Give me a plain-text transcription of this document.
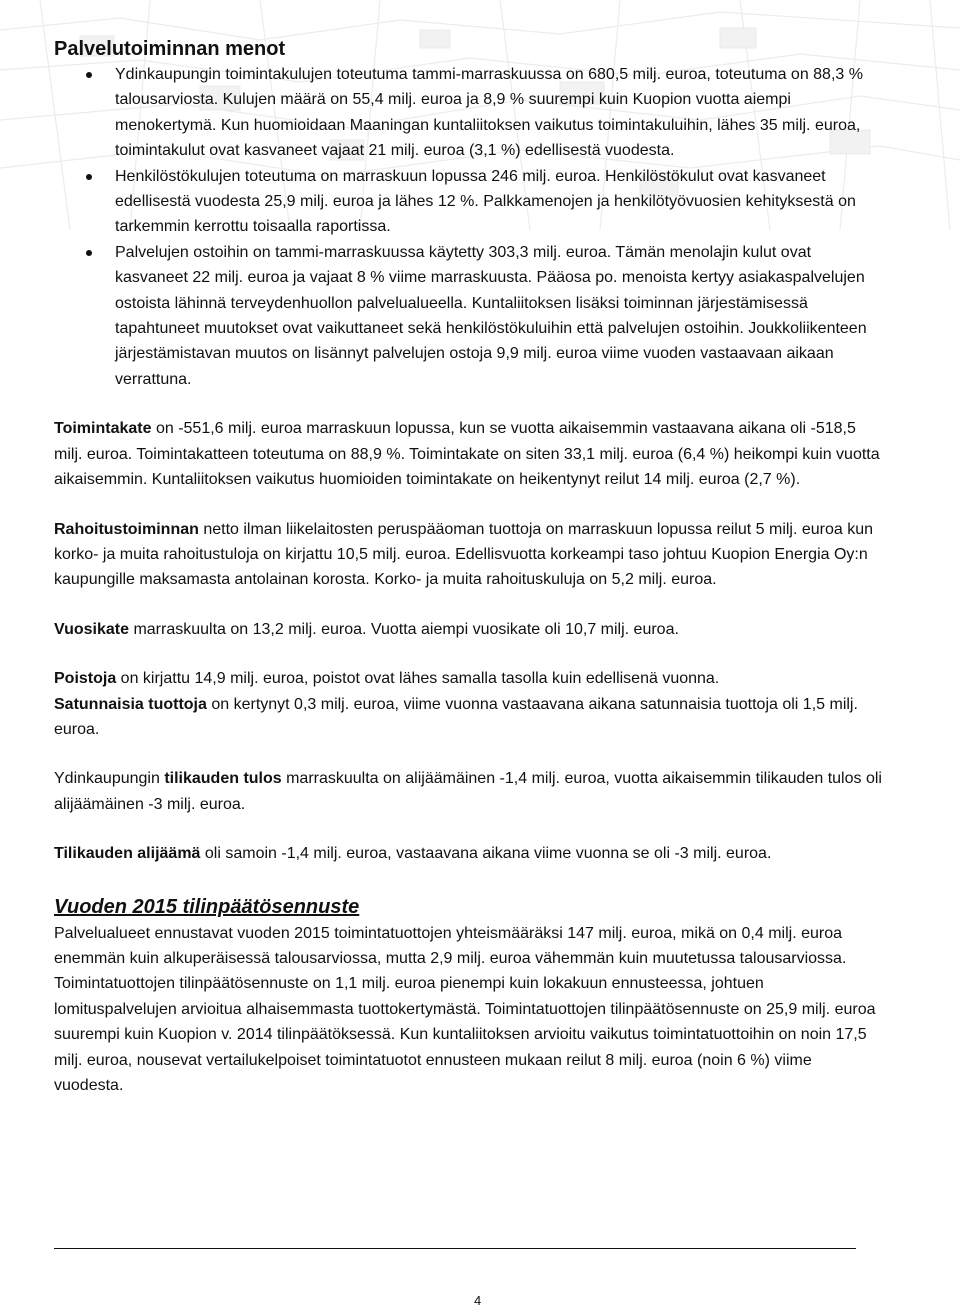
Palvelutoiminnan menot
Ydinkaupungin toimintakulujen toteutuma tammi-marraskuussa on 680,5 milj. euroa, toteutuma on 88,3 % talousarviosta. Kulujen määrä on 55,4 milj. euroa ja 8,9 % suurempi kuin Kuopion vuotta aiempi menokertymä. Kun huomioidaan Maaningan kuntaliitoksen vaikutus toimintakuluihin, lähes 35 milj. euroa, toimintakulut ovat kasvaneet vajaat 21 milj. euroa (3,1 %) edellisestä vuodesta.
Henkilöstökulujen toteutuma on marraskuun lopussa 246 milj. euroa. Henkilöstökulut ovat kasvaneet edellisestä vuodesta 25,9 milj. euroa ja lähes 12 %. Palkkamenojen ja henkilötyövuosien kehityksestä on tarkemmin kerrottu toisaalla raportissa.
Palvelujen ostoihin on tammi-marraskuussa käytetty 303,3 milj. euroa. Tämän menolajin kulut ovat kasvaneet 22 milj. euroa ja vajaat 8 % viime marraskuusta. Pääosa po. menoista kertyy asiakaspalvelujen ostoista lähinnä terveydenhuollon palvelualueella. Kuntaliitoksen lisäksi toiminnan järjestämisessä tapahtuneet muutokset ovat vaikuttaneet sekä henkilöstökuluihin että palvelujen ostoihin. Joukkoliikenteen järjestämistavan muutos on lisännyt palvelujen ostoja 9,9 milj. euroa viime vuoden vastaavaan aikaan verrattuna.

Toimintakate on -551,6 milj. euroa marraskuun lopussa, kun se vuotta aikaisemmin vastaavana aikana oli -518,5 milj. euroa. Toimintakatteen toteutuma on 88,9 %. Toimintakate on siten 33,1 milj. euroa (6,4 %) heikompi kuin vuotta aikaisemmin. Kuntaliitoksen vaikutus huomioiden toimintakate on heikentynyt reilut 14 milj. euroa (2,7 %).

Rahoitustoiminnan netto ilman liikelaitosten peruspääoman tuottoja on marraskuun lopussa reilut 5 milj. euroa kun korko- ja muita rahoitustuloja on kirjattu 10,5 milj. euroa. Edellisvuotta korkeampi taso johtuu Kuopion Energia Oy:n kaupungille maksamasta antolainan korosta. Korko- ja muita rahoituskuluja on 5,2 milj. euroa.

Vuosikate marraskuulta on 13,2 milj. euroa. Vuotta aiempi vuosikate oli 10,7 milj. euroa.

Poistoja on kirjattu 14,9 milj. euroa, poistot ovat lähes samalla tasolla kuin edellisenä vuonna.

Satunnaisia tuottoja on kertynyt 0,3 milj. euroa, viime vuonna vastaavana aikana satunnaisia tuottoja oli 1,5 milj. euroa.

Ydinkaupungin tilikauden tulos marraskuulta on alijäämäinen -1,4 milj. euroa, vuotta aikaisemmin tilikauden tulos oli alijäämäinen -3 milj. euroa.

Tilikauden alijäämä oli samoin -1,4 milj. euroa, vastaavana aikana viime vuonna se oli -3 milj. euroa.

Vuoden 2015 tilinpäätösennuste

Palvelualueet ennustavat vuoden 2015 toimintatuottojen yhteismääräksi 147 milj. euroa, mikä on 0,4 milj. euroa enemmän kuin alkuperäisessä talousarviossa, mutta 2,9 milj. euroa vähemmän kuin muutetussa talousarviossa. Toimintatuottojen tilinpäätösennuste on 1,1 milj. euroa pienempi kuin lokakuun ennusteessa, johtuen lomituspalvelujen arvioitua alhaisemmasta tuottokertymästä. Toimintatuottojen tilinpäätösennuste on 25,9 milj. euroa suurempi kuin Kuopion v. 2014 tilinpäätöksessä. Kun kuntaliitoksen arvioitu vaikutus toimintatuottoihin on noin 17,5 milj. euroa, nousevat vertailukelpoiset toimintatuotot ennusteen mukaan reilut 8 milj. euroa (noin 6 %) viime vuodesta.

4
